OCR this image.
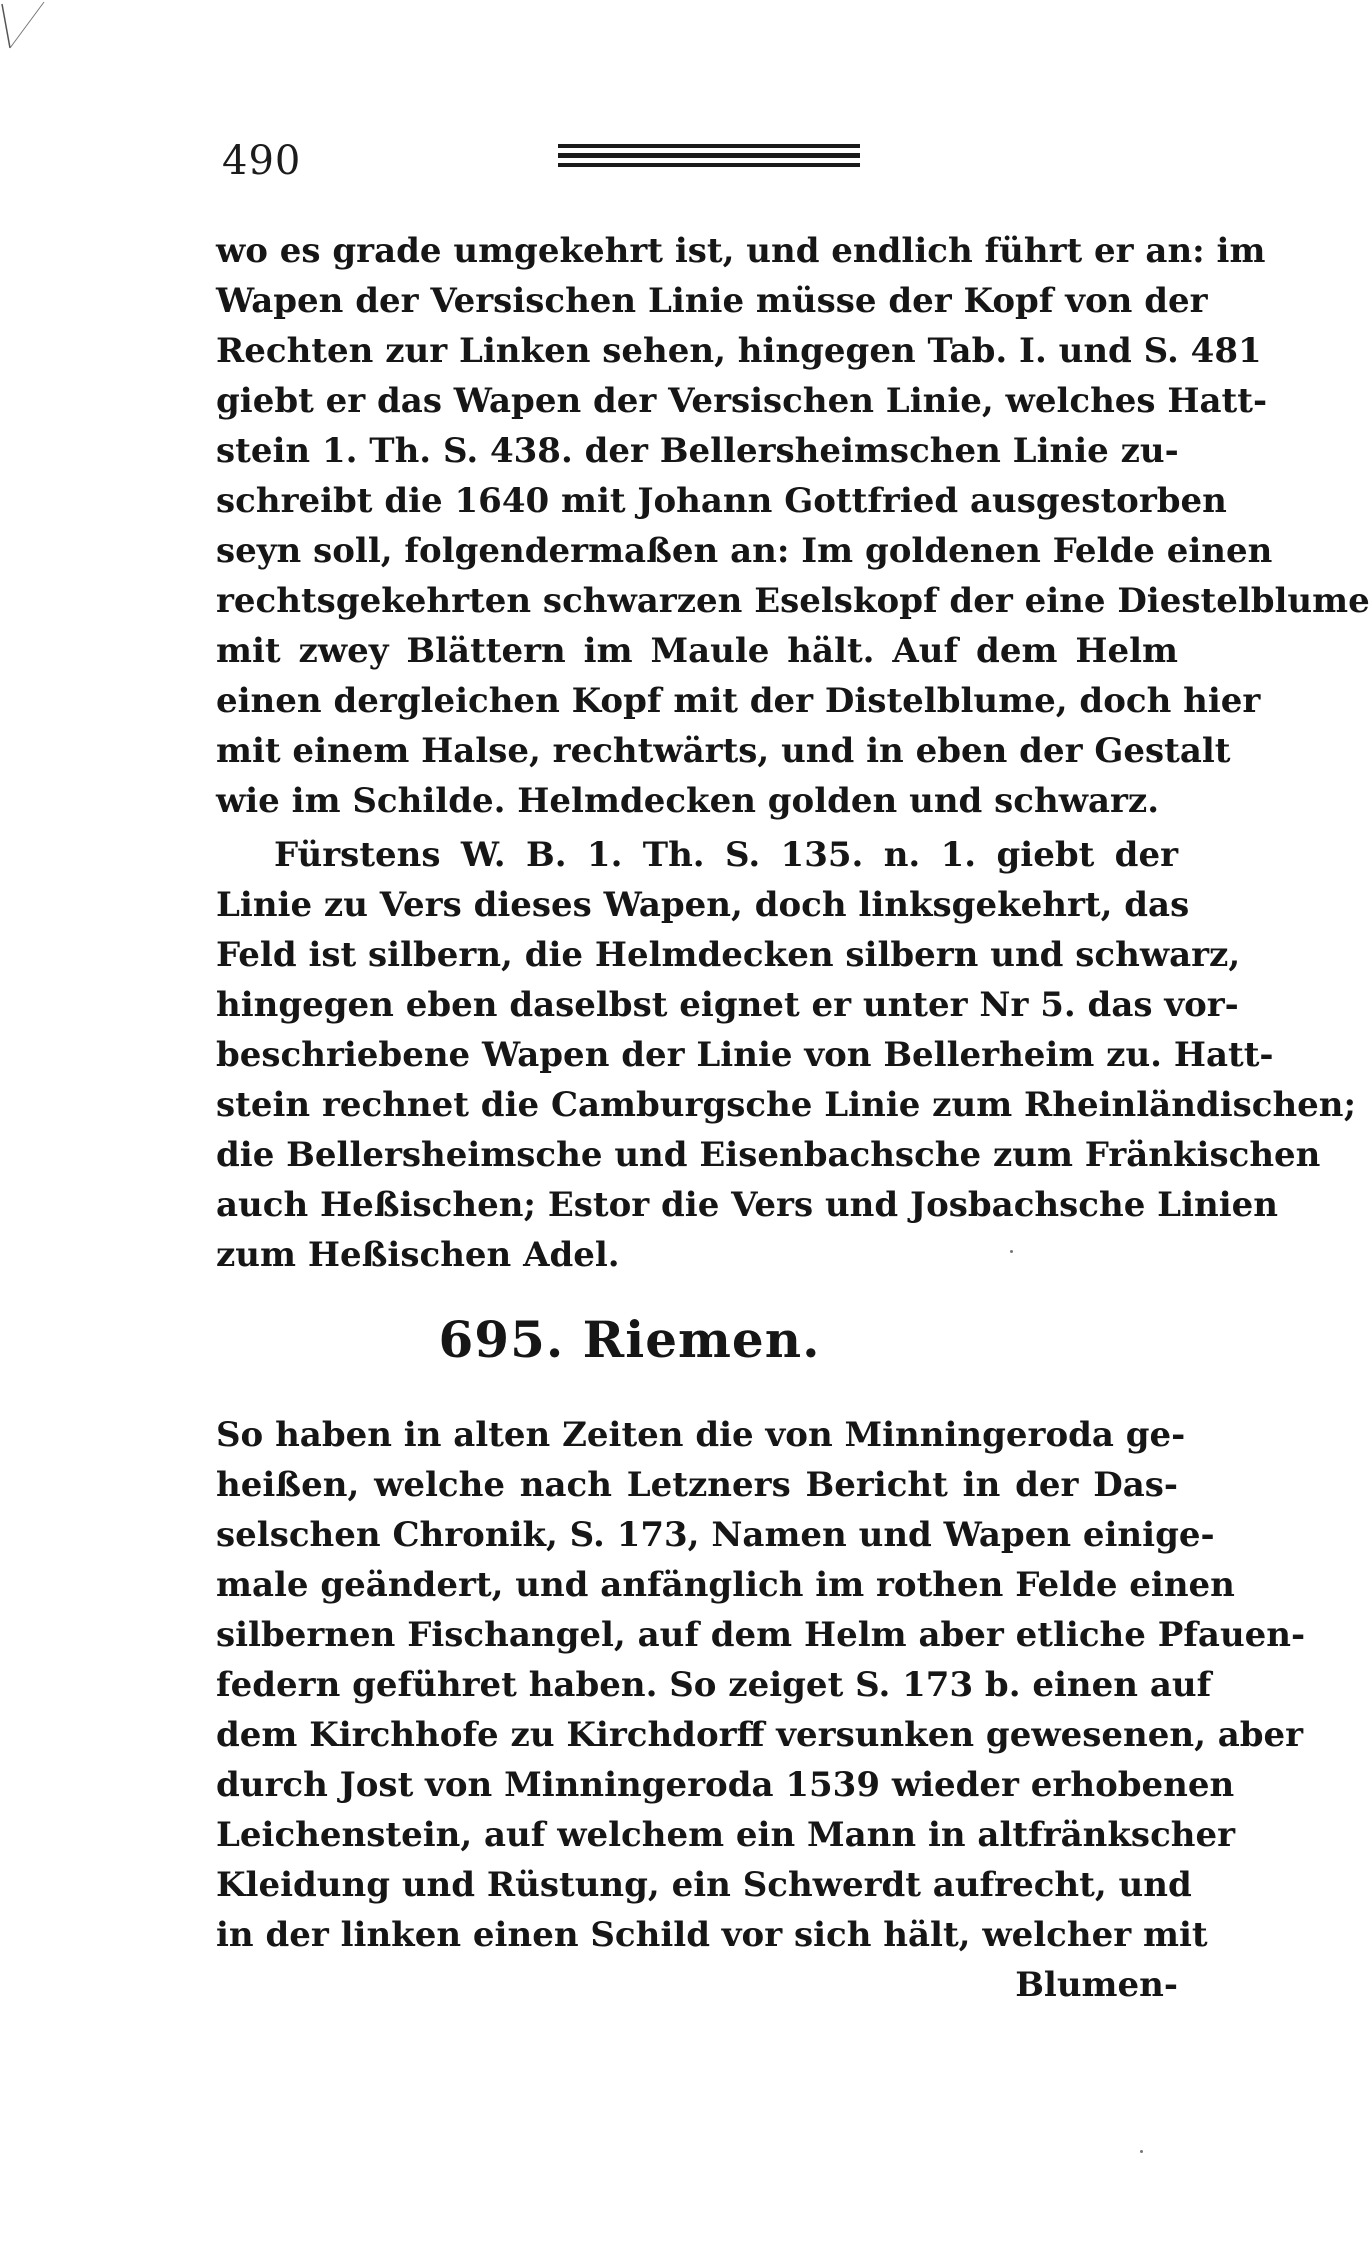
490
wo es grade umgekehrt ist, und endlich führt er an: im
Wapen der Versischen Linie müsse der Kopf von der
Rechten zur Linken sehen, hingegen Tab. I. und S. 481
giebt er das Wapen der Versischen Linie, welches Hatt-
stein 1. Th. S. 438. der Bellersheimschen Linie zu-
schreibt die 1640 mit Johann Gottfried ausgestorben
seyn soll, folgendermaßen an: Im goldenen Felde einen
rechtsgekehrten schwarzen Eselskopf der eine Diestelblume
mit zwey Blättern im Maule hält. Auf dem Helm
einen dergleichen Kopf mit der Distelblume, doch hier
mit einem Halse, rechtwärts, und in eben der Gestalt
wie im Schilde. Helmdecken golden und schwarz.
Fürstens W. B. 1. Th. S. 135. n. 1. giebt der
Linie zu Vers dieses Wapen, doch linksgekehrt, das
Feld ist silbern, die Helmdecken silbern und schwarz,
hingegen eben daselbst eignet er unter Nr 5. das vor-
beschriebene Wapen der Linie von Bellerheim zu. Hatt-
stein rechnet die Camburgsche Linie zum Rheinländischen;
die Bellersheimsche und Eisenbachsche zum Fränkischen
auch Heßischen; Estor die Vers und Josbachsche Linien
zum Heßischen Adel.
695. Riemen.
So haben in alten Zeiten die von Minningeroda ge-
heißen, welche nach Letzners Bericht in der Das-
selschen Chronik, S. 173, Namen und Wapen einige-
male geändert, und anfänglich im rothen Felde einen
silbernen Fischangel, auf dem Helm aber etliche Pfauen-
federn geführet haben. So zeiget S. 173 b. einen auf
dem Kirchhofe zu Kirchdorff versunken gewesenen, aber
durch Jost von Minningeroda 1539 wieder erhobenen
Leichenstein, auf welchem ein Mann in altfränkscher
Kleidung und Rüstung, ein Schwerdt aufrecht, und
in der linken einen Schild vor sich hält, welcher mit
Blumen-
